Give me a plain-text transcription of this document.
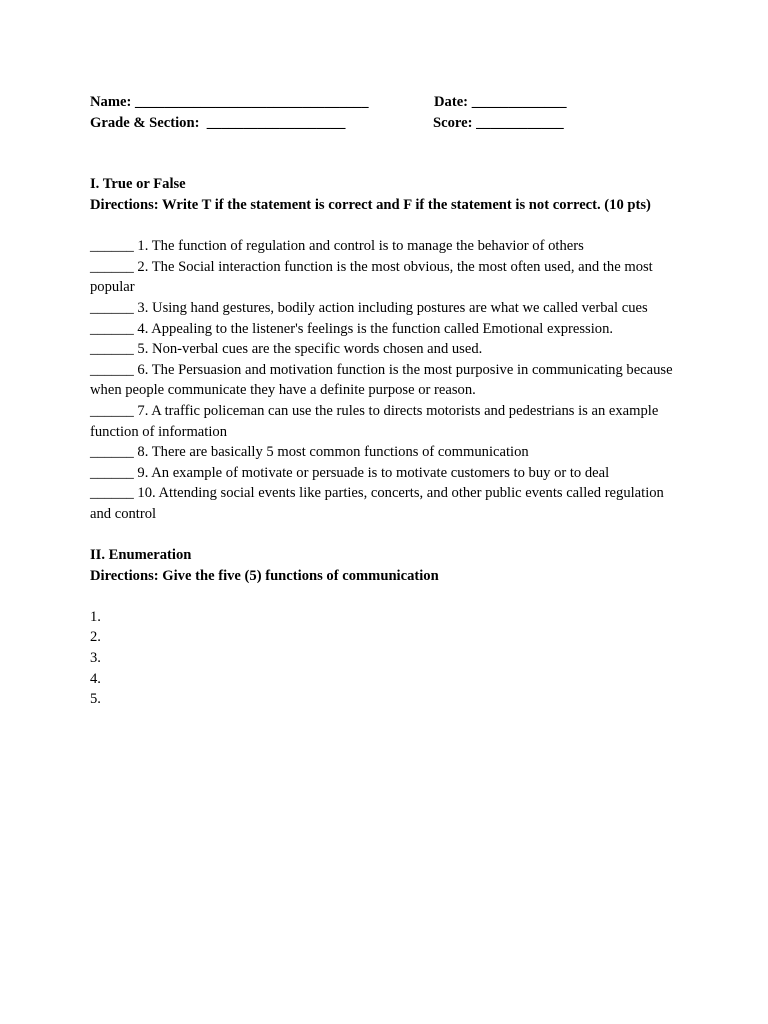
Name: ________________________________	Date: _____________
Grade & Section: ___________________	Score: ____________
I. True or False
Directions: Write T if the statement is correct and F if the statement is not correct. (10 pts)
______ 1. The function of regulation and control is to manage the behavior of others
______ 2. The Social interaction function is the most obvious, the most often used, and the most popular
______ 3. Using hand gestures, bodily action including postures are what we called verbal cues
______ 4. Appealing to the listener's feelings is the function called Emotional expression.
______ 5. Non-verbal cues are the specific words chosen and used.
______ 6. The Persuasion and motivation function is the most purposive in communicating because when people communicate they have a definite purpose or reason.
______ 7. A traffic policeman can use the rules to directs motorists and pedestrians is an example function of information
______ 8. There are basically 5 most common functions of communication
______ 9. An example of motivate or persuade is to motivate customers to buy or to deal
______ 10. Attending social events like parties, concerts, and other public events called regulation and control
II. Enumeration
Directions: Give the five (5) functions of communication
1.
2.
3.
4.
5.
